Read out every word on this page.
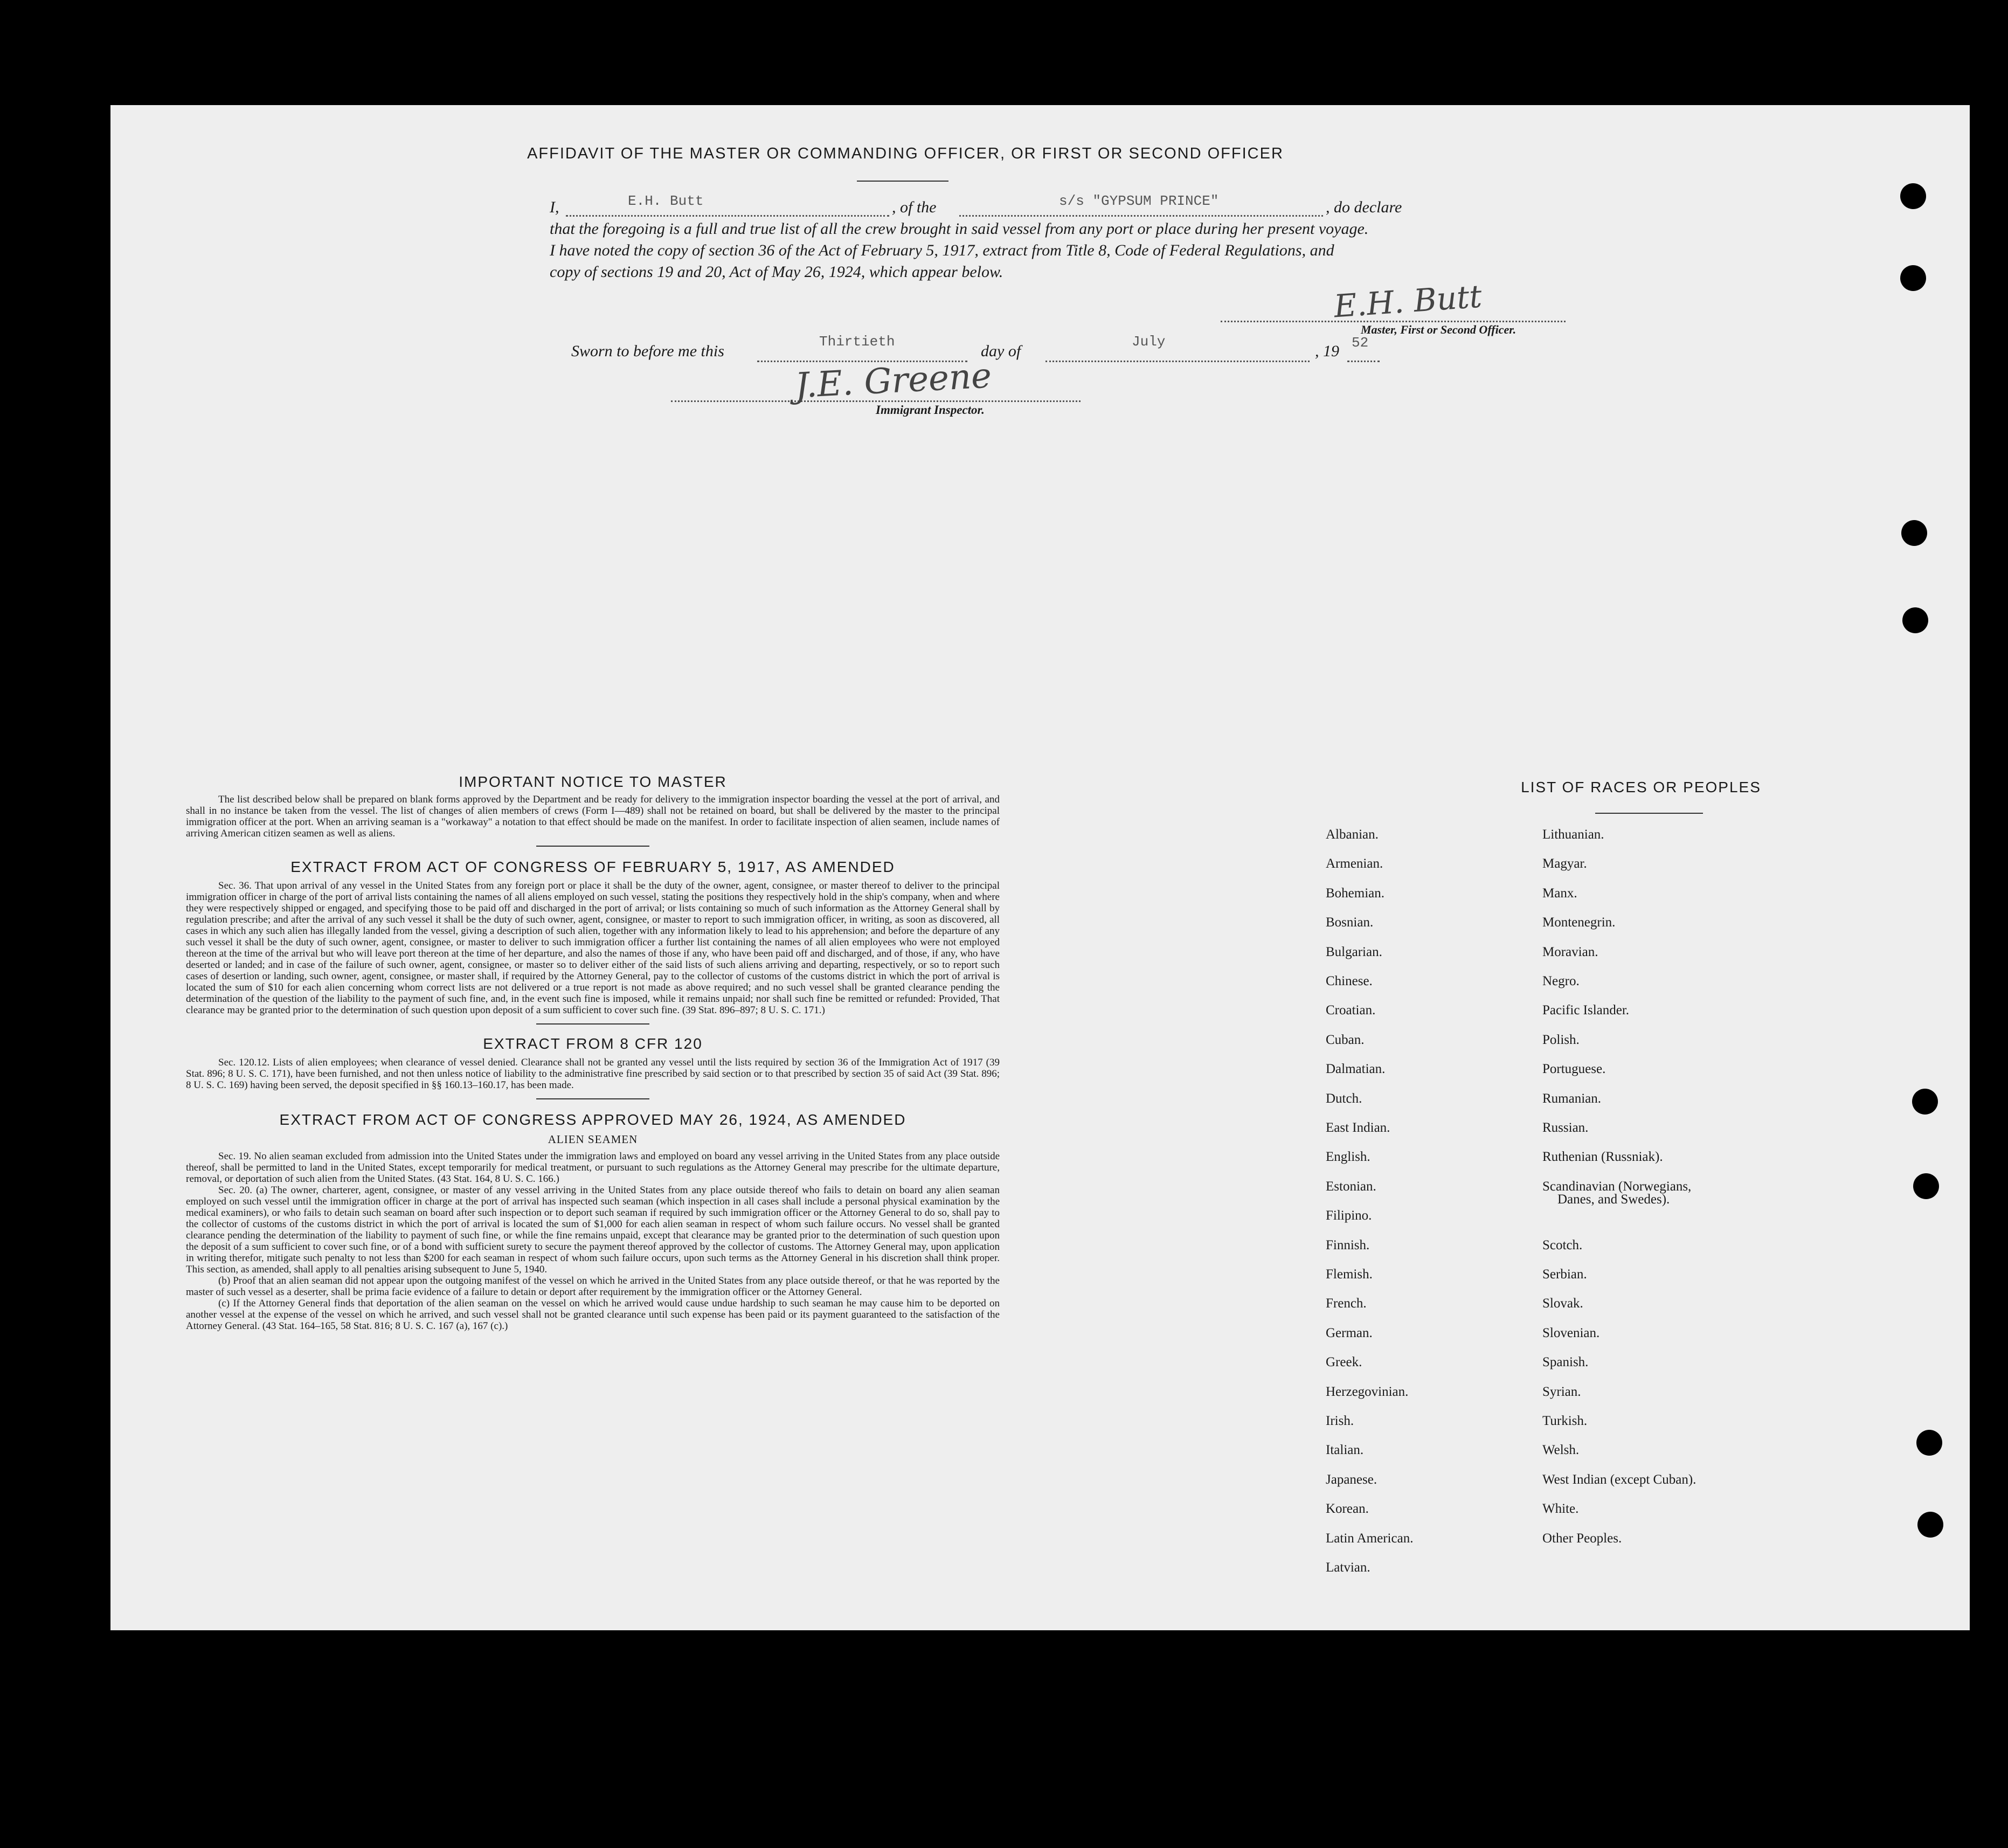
AFFIDAVIT OF THE MASTER OR COMMANDING OFFICER, OR FIRST OR SECOND OFFICER
I,	E.H. Butt	, of the	s/s "GYPSUM PRINCE"	, do declare
that the foregoing is a full and true list of all the crew brought in said vessel from any port or place during her present voyage.
I have noted the copy of section 36 of the Act of February 5, 1917, extract from Title 8, Code of Federal Regulations, and
copy of sections 19 and 20, Act of May 26, 1924, which appear below.
E.H. Butt
Master, First or Second Officer.
Sworn to before me this
Thirtieth
day of
July
, 19 52
J.E. Greene
Immigrant Inspector.
IMPORTANT NOTICE TO MASTER
The list described below shall be prepared on blank forms approved by the Department and be ready for delivery to the immigration inspector boarding the vessel at the port of arrival, and shall in no instance be taken from the vessel. The list of changes of alien members of crews (Form I—489) shall not be retained on board, but shall be delivered by the master to the principal immigration officer at the port. When an arriving seaman is a "workaway" a notation to that effect should be made on the manifest. In order to facilitate inspection of alien seamen, include names of arriving American citizen seamen as well as aliens.
EXTRACT FROM ACT OF CONGRESS OF FEBRUARY 5, 1917, AS AMENDED
Sec. 36. That upon arrival of any vessel in the United States from any foreign port or place it shall be the duty of the owner, agent, consignee, or master thereof to deliver to the principal immigration officer in charge of the port of arrival lists containing the names of all aliens employed on such vessel, stating the positions they respectively hold in the ship's company, when and where they were respectively shipped or engaged, and specifying those to be paid off and discharged in the port of arrival; or lists containing so much of such information as the Attorney General shall by regulation prescribe; and after the arrival of any such vessel it shall be the duty of such owner, agent, consignee, or master to report to such immigration officer, in writing, as soon as discovered, all cases in which any such alien has illegally landed from the vessel, giving a description of such alien, together with any information likely to lead to his apprehension; and before the departure of any such vessel it shall be the duty of such owner, agent, consignee, or master to deliver to such immigration officer a further list containing the names of all alien employees who were not employed thereon at the time of the arrival but who will leave port thereon at the time of her departure, and also the names of those if any, who have been paid off and discharged, and of those, if any, who have deserted or landed; and in case of the failure of such owner, agent, consignee, or master so to deliver either of the said lists of such aliens arriving and departing, respectively, or so to report such cases of desertion or landing, such owner, agent, consignee, or master shall, if required by the Attorney General, pay to the collector of customs of the customs district in which the port of arrival is located the sum of $10 for each alien concerning whom correct lists are not delivered or a true report is not made as above required; and no such vessel shall be granted clearance pending the determination of the question of the liability to the payment of such fine, and, in the event such fine is imposed, while it remains unpaid; nor shall such fine be remitted or refunded: Provided, That clearance may be granted prior to the determination of such question upon deposit of a sum sufficient to cover such fine. (39 Stat. 896–897; 8 U. S. C. 171.)
EXTRACT FROM 8 CFR 120
Sec. 120.12. Lists of alien employees; when clearance of vessel denied. Clearance shall not be granted any vessel until the lists required by section 36 of the Immigration Act of 1917 (39 Stat. 896; 8 U. S. C. 171), have been furnished, and not then unless notice of liability to the administrative fine prescribed by said section or to that prescribed by section 35 of said Act (39 Stat. 896; 8 U. S. C. 169) having been served, the deposit specified in §§ 160.13–160.17, has been made.
EXTRACT FROM ACT OF CONGRESS APPROVED MAY 26, 1924, AS AMENDED
ALIEN SEAMEN
Sec. 19. No alien seaman excluded from admission into the United States under the immigration laws and employed on board any vessel arriving in the United States from any place outside thereof, shall be permitted to land in the United States, except temporarily for medical treatment, or pursuant to such regulations as the Attorney General may prescribe for the ultimate departure, removal, or deportation of such alien from the United States. (43 Stat. 164, 8 U. S. C. 166.)
Sec. 20. (a) The owner, charterer, agent, consignee, or master of any vessel arriving in the United States from any place outside thereof who fails to detain on board any alien seaman employed on such vessel until the immigration officer in charge at the port of arrival has inspected such seaman (which inspection in all cases shall include a personal physical examination by the medical examiners), or who fails to detain such seaman on board after such inspection or to deport such seaman if required by such immigration officer or the Attorney General to do so, shall pay to the collector of customs of the customs district in which the port of arrival is located the sum of $1,000 for each alien seaman in respect of whom such failure occurs. No vessel shall be granted clearance pending the determination of the liability to payment of such fine, or while the fine remains unpaid, except that clearance may be granted prior to the determination of such question upon the deposit of a sum sufficient to cover such fine, or of a bond with sufficient surety to secure the payment thereof approved by the collector of customs. The Attorney General may, upon application in writing therefor, mitigate such penalty to not less than $200 for each seaman in respect of whom such failure occurs, upon such terms as the Attorney General in his discretion shall think proper. This section, as amended, shall apply to all penalties arising subsequent to June 5, 1940.
(b) Proof that an alien seaman did not appear upon the outgoing manifest of the vessel on which he arrived in the United States from any place outside thereof, or that he was reported by the master of such vessel as a deserter, shall be prima facie evidence of a failure to detain or deport after requirement by the immigration officer or the Attorney General.
(c) If the Attorney General finds that deportation of the alien seaman on the vessel on which he arrived would cause undue hardship to such seaman he may cause him to be deported on another vessel at the expense of the vessel on which he arrived, and such vessel shall not be granted clearance until such expense has been paid or its payment guaranteed to the satisfaction of the Attorney General. (43 Stat. 164–165, 58 Stat. 816; 8 U. S. C. 167 (a), 167 (c).)
LIST OF RACES OR PEOPLES
Albanian.
Armenian.
Bohemian.
Bosnian.
Bulgarian.
Chinese.
Croatian.
Cuban.
Dalmatian.
Dutch.
East Indian.
English.
Estonian.
Filipino.
Finnish.
Flemish.
French.
German.
Greek.
Herzegovinian.
Irish.
Italian.
Japanese.
Korean.
Latin American.
Latvian.
Lithuanian.
Magyar.
Manx.
Montenegrin.
Moravian.
Negro.
Pacific Islander.
Polish.
Portuguese.
Rumanian.
Russian.
Ruthenian (Russniak).
Scandinavian (Norwegians,
Danes, and Swedes).
Scotch.
Serbian.
Slovak.
Slovenian.
Spanish.
Syrian.
Turkish.
Welsh.
West Indian (except Cuban).
White.
Other Peoples.
